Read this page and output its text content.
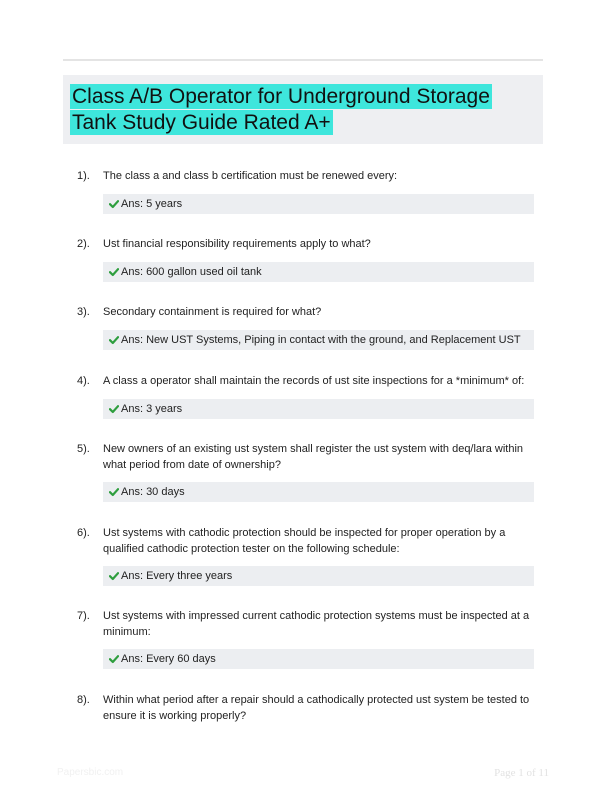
Class A/B Operator for Underground Storage Tank Study Guide Rated A+
1). The class a and class b certification must be renewed every:
Ans: 5 years
2). Ust financial responsibility requirements apply to what?
Ans: 600 gallon used oil tank
3). Secondary containment is required for what?
Ans: New UST Systems, Piping in contact with the ground, and Replacement UST
4). A class a operator shall maintain the records of ust site inspections for a *minimum* of:
Ans: 3 years
5). New owners of an existing ust system shall register the ust system with deq/lara within what period from date of ownership?
Ans: 30 days
6). Ust systems with cathodic protection should be inspected for proper operation by a qualified cathodic protection tester on the following schedule:
Ans: Every three years
7). Ust systems with impressed current cathodic protection systems must be inspected at a minimum:
Ans: Every 60 days
8). Within what period after a repair should a cathodically protected ust system be tested to ensure it is working properly?
Papersbic.com	Page 1 of 11
